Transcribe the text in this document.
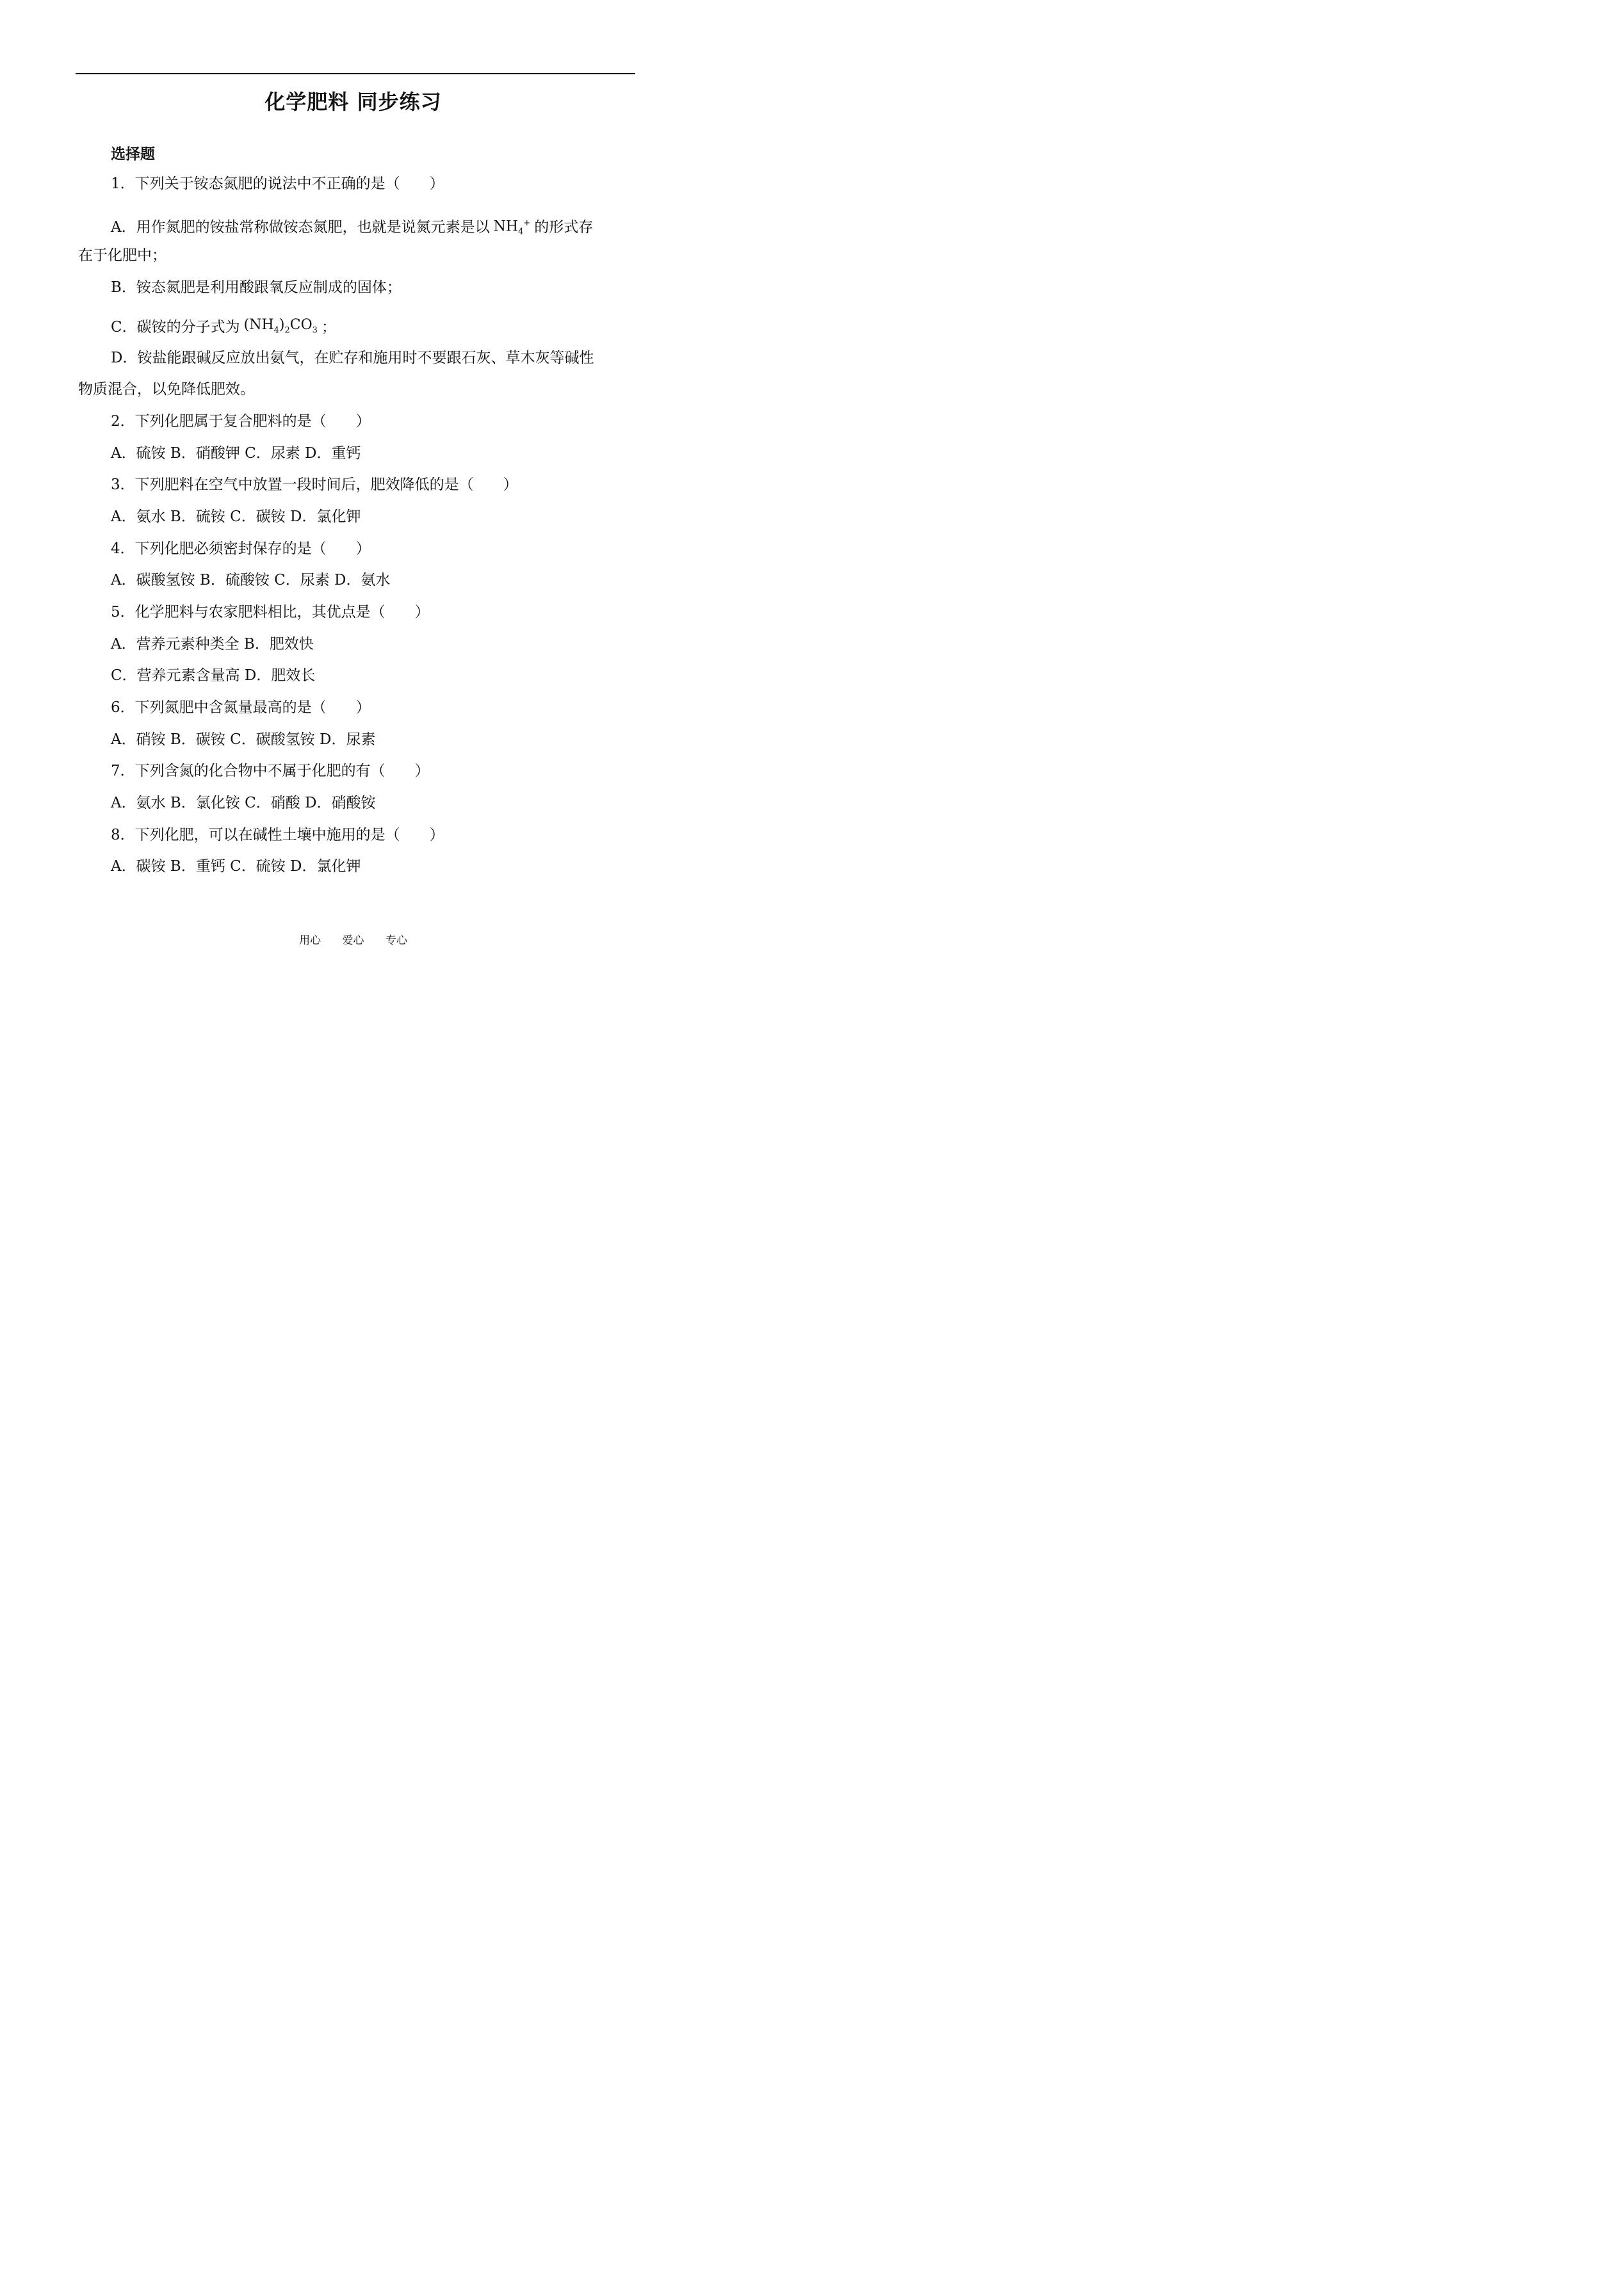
化学肥料 同步练习
选择题
1．下列关于铵态氮肥的说法中不正确的是（　　）
A．用作氮肥的铵盐常称做铵态氮肥，也就是说氮元素是以 $NH_4^+$ 的形式存
在于化肥中；
B．铵态氮肥是利用酸跟氧反应制成的固体；
C．碳铵的分子式为 $(NH_4)_2CO_3$ ；
D．铵盐能跟碱反应放出氨气，在贮存和施用时不要跟石灰、草木灰等碱性
物质混合，以免降低肥效。
2．下列化肥属于复合肥料的是（　　）
A．硫铵 B．硝酸钾 C．尿素 D．重钙
3．下列肥料在空气中放置一段时间后，肥效降低的是（　　）
A．氨水 B．硫铵 C．碳铵 D．氯化钾
4．下列化肥必须密封保存的是（　　）
A．碳酸氢铵 B．硫酸铵 C．尿素 D．氨水
5．化学肥料与农家肥料相比，其优点是（　　）
A．营养元素种类全 B．肥效快
C．营养元素含量高 D．肥效长
6．下列氮肥中含氮量最高的是（　　）
A．硝铵 B．碳铵 C．碳酸氢铵 D．尿素
7．下列含氮的化合物中不属于化肥的有（　　）
A．氨水 B．氯化铵 C．硝酸 D．硝酸铵
8．下列化肥，可以在碱性土壤中施用的是（　　）
A．碳铵 B．重钙 C．硫铵 D．氯化钾
用心 爱心 专心
